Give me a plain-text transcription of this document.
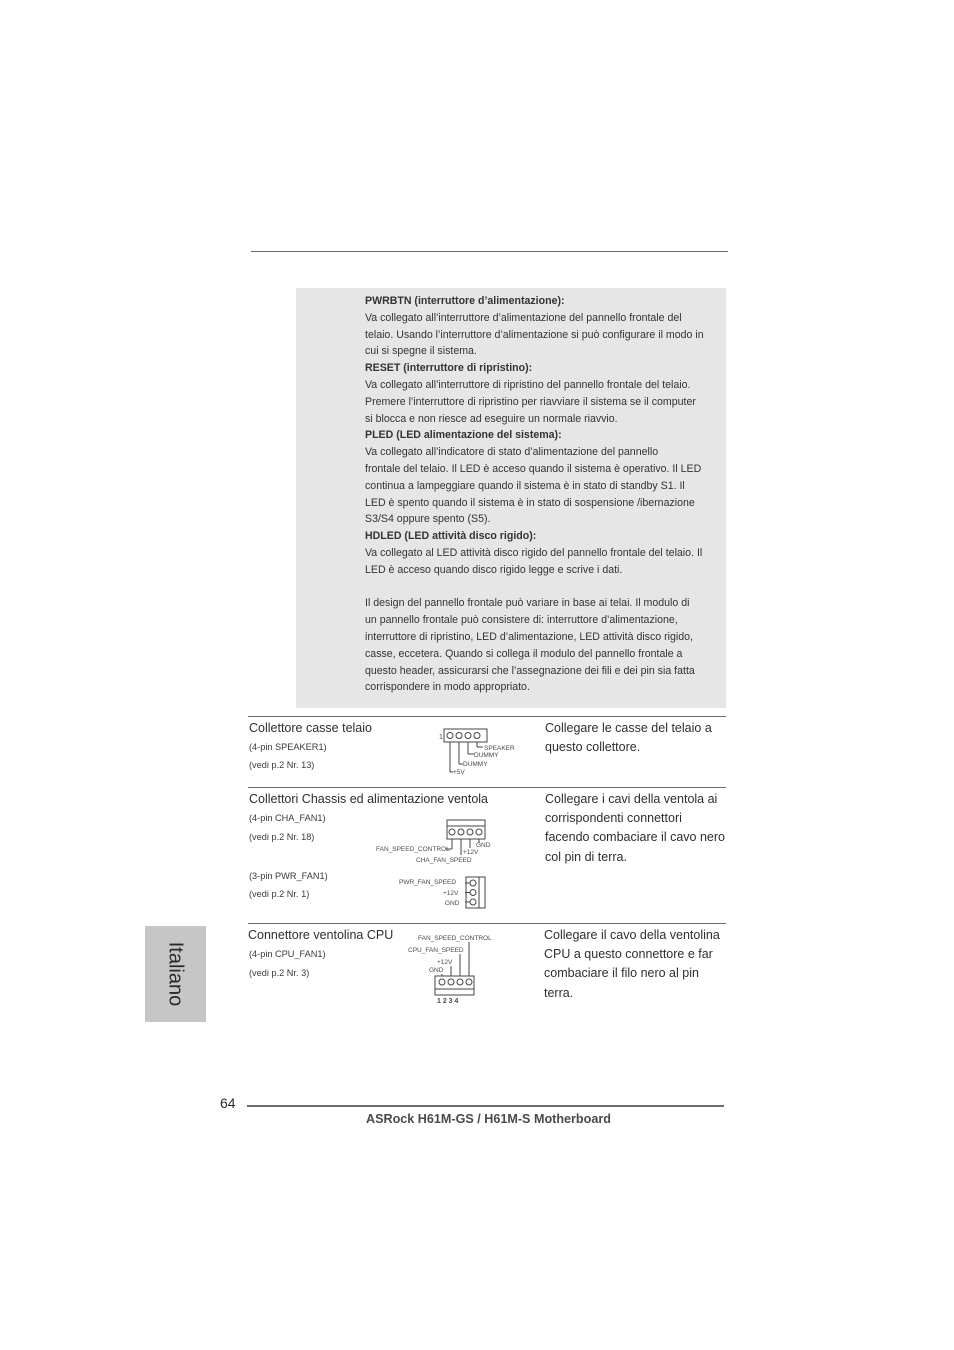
PWRBTN (interruttore d’alimentazione):
Va collegato all’interruttore d’alimentazione del pannello frontale del
telaio. Usando l’interruttore d’alimentazione si può configurare il modo in
cui si spegne il sistema.
RESET (interruttore di ripristino):
Va collegato all’interruttore di ripristino del pannello frontale del telaio.
Premere l’interruttore di ripristino per riavviare il sistema se il computer
si blocca e non riesce ad eseguire un normale riavvio.
PLED (LED alimentazione del sistema):
Va collegato all’indicatore di stato d’alimentazione del pannello
frontale del telaio. Il LED è acceso quando il sistema è operativo. Il LED
continua a lampeggiare quando il sistema è in stato di standby S1. Il
LED è spento quando il sistema è in stato di sospensione /ibernazione
S3/S4 oppure spento (S5).
HDLED (LED attività disco rigido):
Va collegato al LED attività disco rigido del pannello frontale del telaio. Il
LED è acceso quando disco rigido legge e scrive i dati.
Il design del pannello frontale può variare in base ai telai. Il modulo di
un pannello frontale può consistere di: interruttore d’alimentazione,
interruttore di ripristino, LED d’alimentazione, LED attività disco rigido,
casse, eccetera. Quando si collega il modulo del pannello frontale a
questo header, assicurarsi che l’assegnazione dei fili e dei pin sia fatta
corrispondere in modo appropriato.
Collettore casse telaio
(4-pin SPEAKER1)
(vedi p.2 Nr. 13)
Collegare le casse del telaio a questo collettore.
1
SPEAKER
DUMMY
DUMMY
+5V
Collettori Chassis ed alimentazione ventola
(4-pin CHA_FAN1)
(vedi p.2 Nr. 18)
(3-pin PWR_FAN1)
(vedi p.2 Nr. 1)
Collegare i cavi della ventola ai corrispondenti connettori facendo combaciare il cavo nero col pin di terra.
FAN_SPEED_CONTROL +12V
GND
CHA_FAN_SPEED
PWR_FAN_SPEED
+12V
GND
Connettore ventolina CPU
(4-pin CPU_FAN1)
(vedi p.2 Nr. 3)
Collegare il cavo della ventolina CPU a questo connettore e far combaciare il filo nero al pin terra.
FAN_SPEED_CONTROL
CPU_FAN_SPEED
+12V
GND
1 2 3 4
Italiano
64
ASRock H61M-GS / H61M-S Motherboard
